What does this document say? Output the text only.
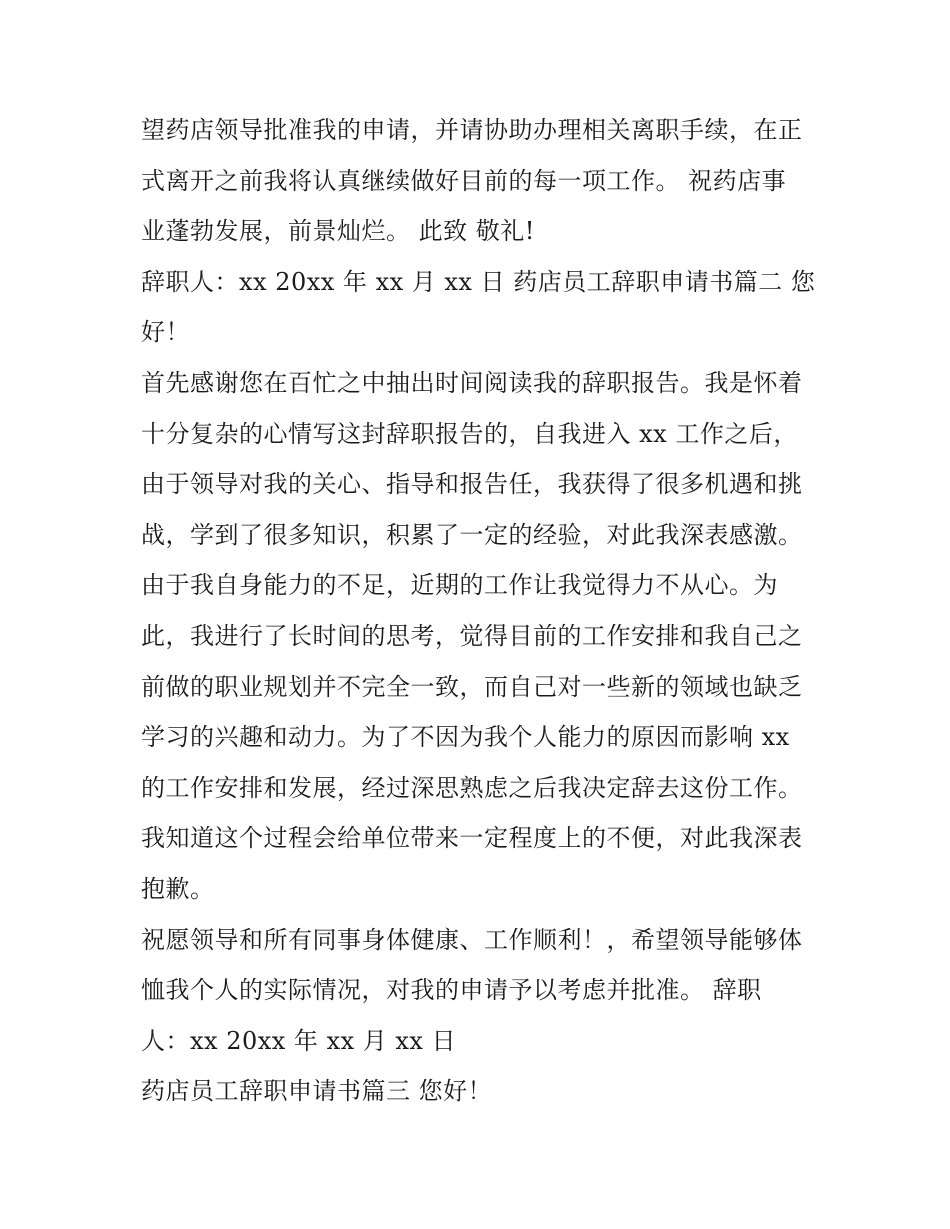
望药店领导批准我的申请，并请协助办理相关离职手续，在正
式离开之前我将认真继续做好目前的每一项工作。 祝药店事
业蓬勃发展，前景灿烂。 此致 敬礼!
辞职人：xx 20xx 年 xx 月 xx 日 药店员工辞职申请书篇二 您
好！
首先感谢您在百忙之中抽出时间阅读我的辞职报告。我是怀着
十分复杂的心情写这封辞职报告的，自我进入 xx 工作之后，
由于领导对我的关心、指导和报告任，我获得了很多机遇和挑
战，学到了很多知识，积累了一定的经验，对此我深表感激。
由于我自身能力的不足，近期的工作让我觉得力不从心。为
此，我进行了长时间的思考，觉得目前的工作安排和我自己之
前做的职业规划并不完全一致，而自己对一些新的领域也缺乏
学习的兴趣和动力。为了不因为我个人能力的原因而影响 xx
的工作安排和发展，经过深思熟虑之后我决定辞去这份工作。
我知道这个过程会给单位带来一定程度上的不便，对此我深表
抱歉。
祝愿领导和所有同事身体健康、工作顺利！，希望领导能够体
恤我个人的实际情况，对我的申请予以考虑并批准。 辞职
人：xx 20xx 年 xx 月 xx 日
药店员工辞职申请书篇三 您好！
